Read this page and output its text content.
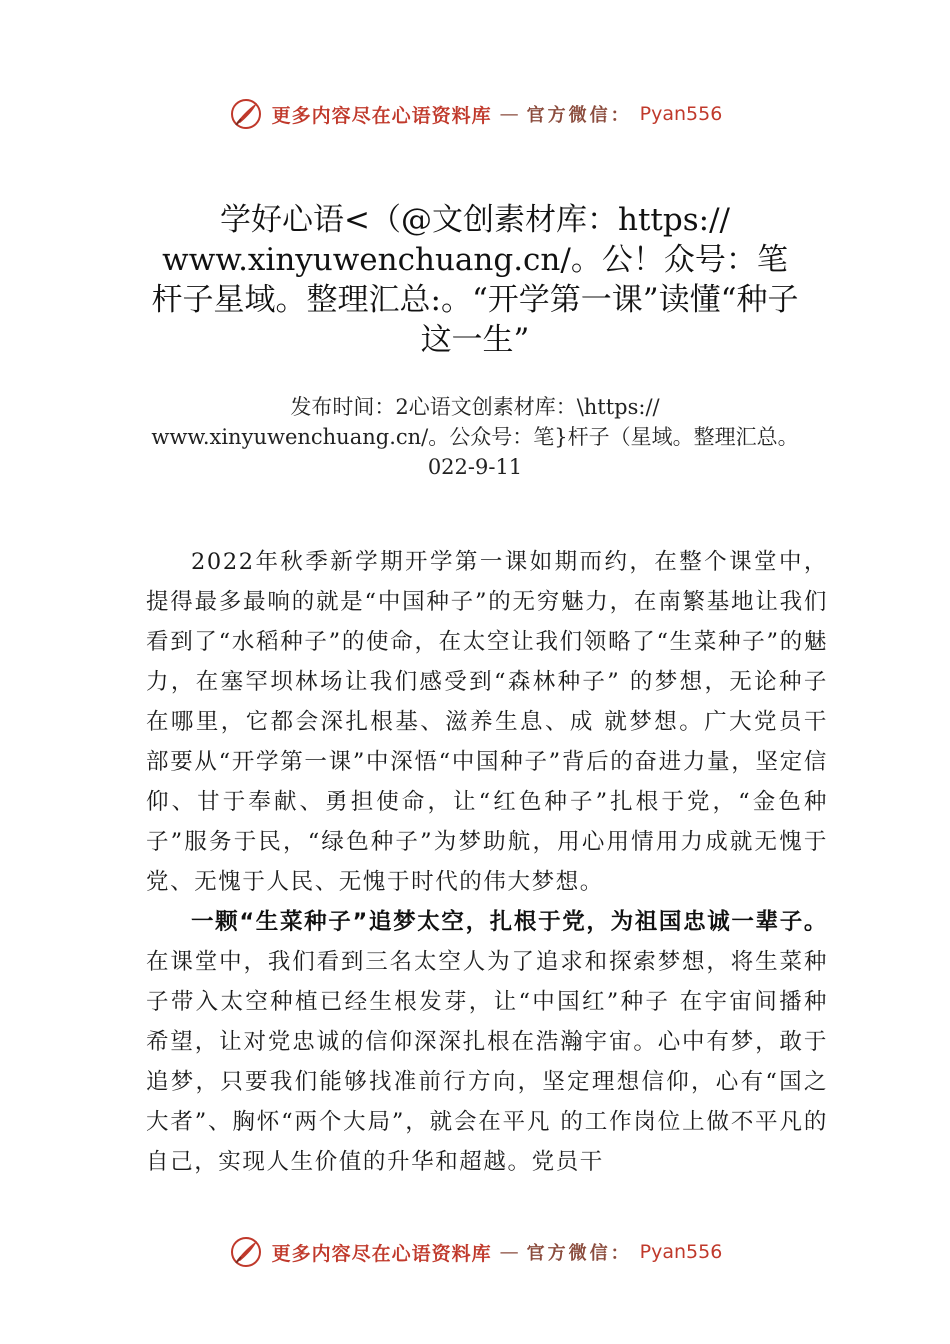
更多内容尽在心语资料库 — 官方微信： Pyan556
学好心语<（@文创素材库：https:// www.xinyuwenchuang.cn/。公！众号：笔杆子星域。整理汇总:。“开学第一课”读懂“种子这一生”
发布时间：2心语文创素材库：\https:// www.xinyuwenchuang.cn/。公众号：笔}杆子（星域。整理汇总。022-9-11

2022年秋季新学期开学第一课如期而约，在整个课堂中，提得最多最响的就是“中国种子”的无穷魅力，在南繁基地让我们看到了“水稻种子”的使命，在太空让我们领略了“生菜种子”的魅力，在塞罕坝林场让我们感受到“森林种子” 的梦想，无论种子在哪里，它都会深扎根基、滋养生息、成 就梦想。广大党员干部要从“开学第一课”中深悟“中国种子”背后的奋进力量，坚定信仰、甘于奉献、勇担使命，让“红色种子”扎根于党，“金色种子”服务于民，“绿色种子”为梦助航，用心用情用力成就无愧于党、无愧于人民、无愧于时代的伟大梦想。

一颗“生菜种子”追梦太空，扎根于党，为祖国忠诚一辈子。在课堂中，我们看到三名太空人为了追求和探索梦想，将生菜种子带入太空种植已经生根发芽，让“中国红”种子 在宇宙间播种希望，让对党忠诚的信仰深深扎根在浩瀚宇宙。心中有梦，敢于追梦，只要我们能够找准前行方向，坚定理想信仰，心有“国之大者”、胸怀“两个大局”，就会在平凡 的工作岗位上做不平凡的自己，实现人生价值的升华和超越。党员干

更多内容尽在心语资料库 — 官方微信： Pyan556
